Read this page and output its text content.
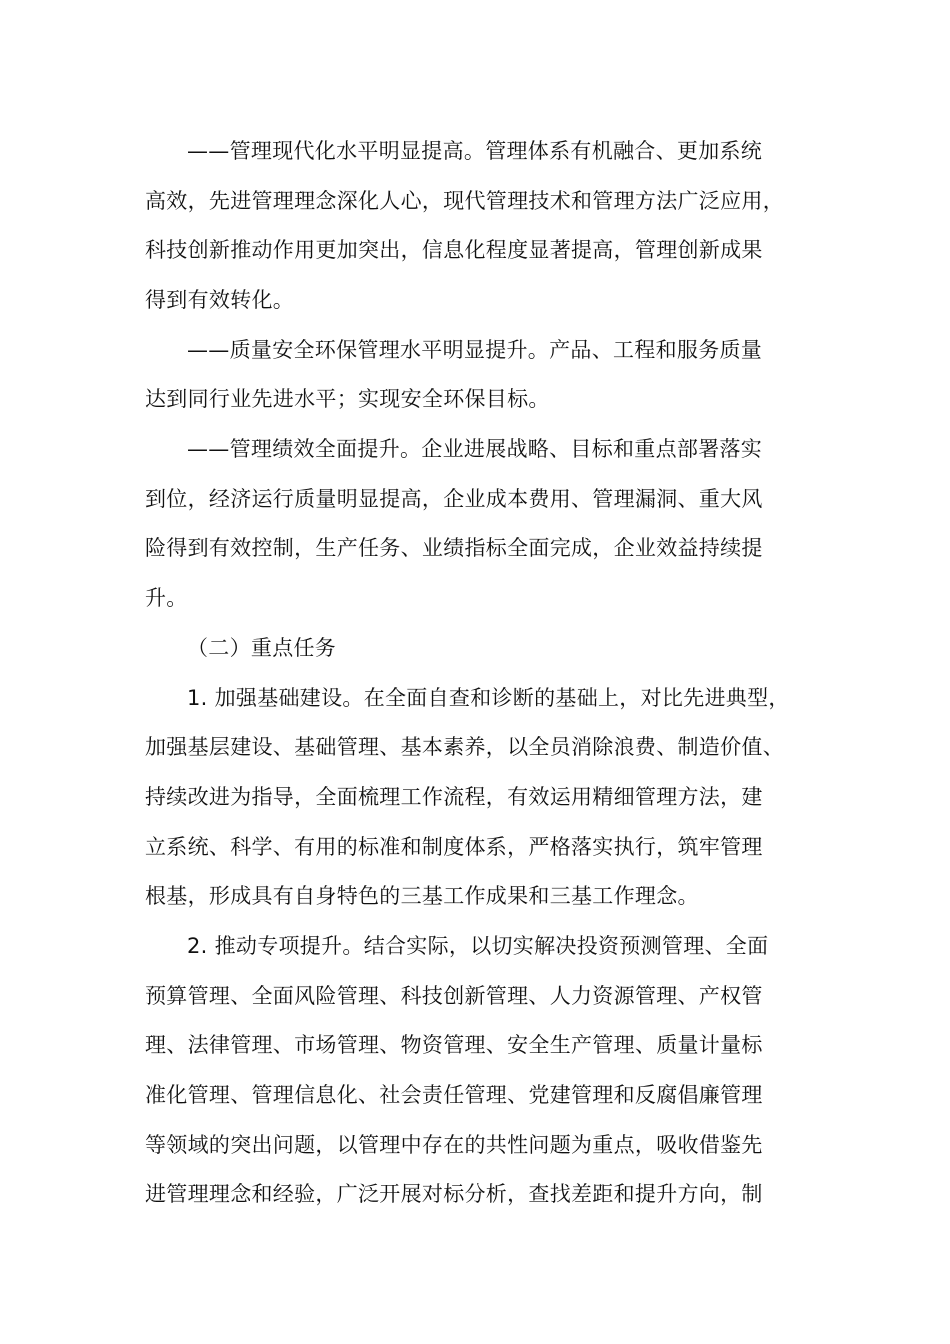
——管理现代化水平明显提高。管理体系有机融合、更加系统
高效，先进管理理念深化人心，现代管理技术和管理方法广泛应用，
科技创新推动作用更加突出，信息化程度显著提高，管理创新成果
得到有效转化。
——质量安全环保管理水平明显提升。产品、工程和服务质量
达到同行业先进水平；实现安全环保目标。
——管理绩效全面提升。企业进展战略、目标和重点部署落实
到位，经济运行质量明显提高，企业成本费用、管理漏洞、重大风
险得到有效控制，生产任务、业绩指标全面完成，企业效益持续提
升。
（二）重点任务
1. 加强基础建设。在全面自查和诊断的基础上，对比先进典型，
加强基层建设、基础管理、基本素养，以全员消除浪费、制造价值、
持续改进为指导，全面梳理工作流程，有效运用精细管理方法，建
立系统、科学、有用的标准和制度体系，严格落实执行，筑牢管理
根基，形成具有自身特色的三基工作成果和三基工作理念。
2. 推动专项提升。结合实际，以切实解决投资预测管理、全面
预算管理、全面风险管理、科技创新管理、人力资源管理、产权管
理、法律管理、市场管理、物资管理、安全生产管理、质量计量标
准化管理、管理信息化、社会责任管理、党建管理和反腐倡廉管理
等领域的突出问题，以管理中存在的共性问题为重点，吸收借鉴先
进管理理念和经验，广泛开展对标分析，查找差距和提升方向，制
